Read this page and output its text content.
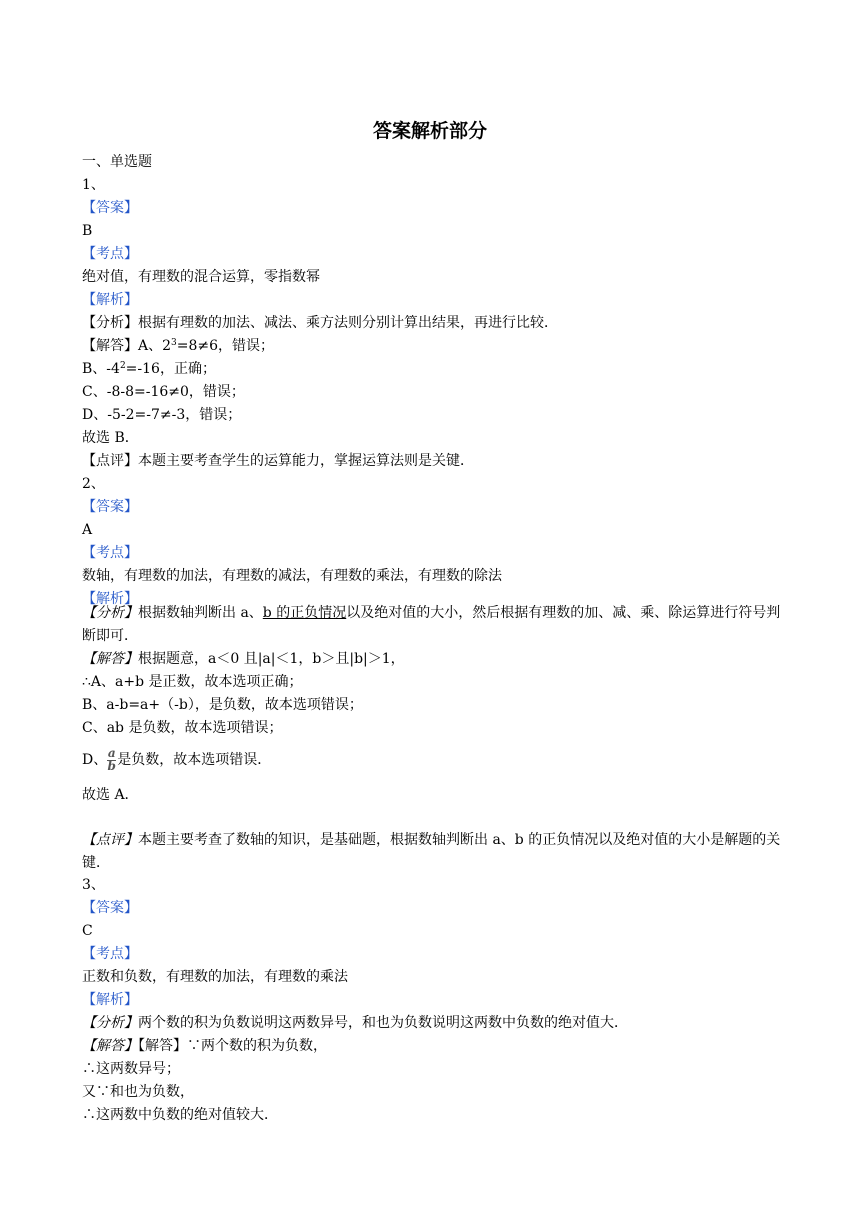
答案解析部分
一、单选题
1、
【答案】
B
【考点】
绝对值，有理数的混合运算，零指数幂
【解析】
【分析】根据有理数的加法、减法、乘方法则分别计算出结果，再进行比较．
【解答】A、$2^3=8\ne 6$，错误；
B、$-4^2=-16$，正确；
C、-8-8=-16≠0，错误；
D、-5-2=-7≠-3，错误；
故选 B．
【点评】本题主要考查学生的运算能力，掌握运算法则是关键．
2、
【答案】
A
【考点】
数轴，有理数的加法，有理数的减法，有理数的乘法，有理数的除法
【解析】
【分析】根据数轴判断出 a、b 的正负情况以及绝对值的大小，然后根据有理数的加、减、乘、除运算进行符号判断即可．
【解答】根据题意，a＜0 且|a|＜1，b＞且|b|＞1，
∴A、a+b 是正数，故本选项正确；
B、a-b=a+（-b），是负数，故本选项错误；
C、ab 是负数，故本选项错误；
D、$\frac{a}{b}$是负数，故本选项错误．
故选 A．
【点评】本题主要考查了数轴的知识，是基础题，根据数轴判断出 a、b 的正负情况以及绝对值的大小是解题的关键．
3、
【答案】
C
【考点】
正数和负数，有理数的加法，有理数的乘法
【解析】
【分析】两个数的积为负数说明这两数异号，和也为负数说明这两数中负数的绝对值大．
【解答】【解答】∵两个数的积为负数，
∴这两数异号；
又∵和也为负数，
∴这两数中负数的绝对值较大．
